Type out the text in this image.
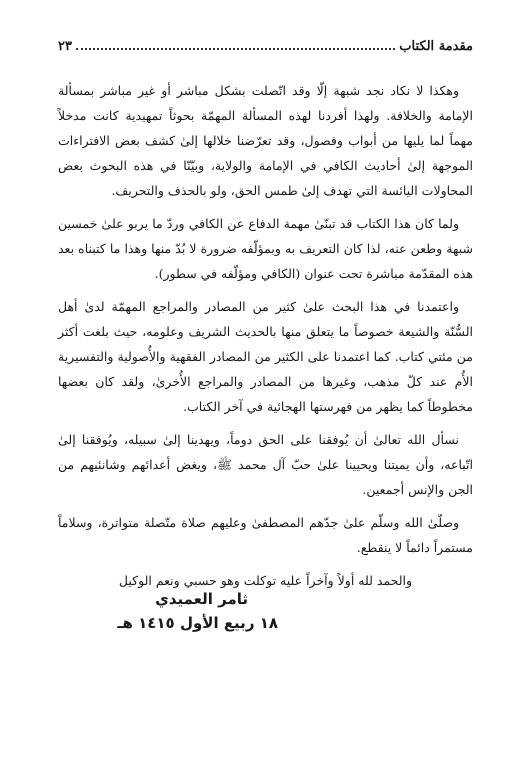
مقدمة الكتاب
٢٣

وهكذا لا نكاد نجد شبهة إلّا وقد اتّصلت بشكل مباشر أو غير مباشر بمسألة الإمامة والخلافة. ولهذا أفردنا لهذه المسألة المهمّة بحوثاً تمهيدية كانت مدخلاً مهماً لما يليها من أبواب وفصول، وقد تعرّضنا خلالها إلىٰ كشف بعض الافتراءات الموجهة إلىٰ أحاديث الكافي في الإمامة والولاية، وبيّنّا في هذه البحوث بعض المحاولات اليائسة التي تهدف إلىٰ طمس الحق، ولو بالحذف والتحريف.

ولما كان هذا الكتاب قد تبنّىٰ مهمة الدفاع عن الكافي وردّ ما يربو علىٰ خمسين شبهة وطعن عنه، لذا كان التعريف به وبمؤلّفه ضرورة لا بُدّ منها وهذا ما كتبناه بعد هذه المقدّمة مباشرة تحت عنوان (الكافي ومؤلّفه في سطور).

واعتمدنا في هذا البحث علىٰ كثير من المصادر والمراجع المهمّة لدىٰ أهل السُّنّة والشيعة خصوصاً ما يتعلق منها بالحديث الشريف وعلومه، حيث بلغت أكثر من مئتي كتاب. كما اعتمدنا على الكثير من المصادر الفقهية والأُصولية والتفسيرية الأُم عند كلّ مذهب، وغيرها من المصادر والمراجع الأُخرىٰ، ولقد كان بعضها مخطوطاً كما يظهر من فهرستها الهجائية في آخر الكتاب.

نسأل الله تعالىٰ أن يُوفقنا على الحق دوماً، ويهدينا إلىٰ سبيله، ويُوفقنا إلىٰ اتّباعه، وأن يميتنا ويحيينا علىٰ حبّ آل محمد ﷺ، ويغض أعدائهم وشانئيهم من الجن والإنس أجمعين.

وصلّىٰ الله وسلّم علىٰ جدّهم المصطفىٰ وعليهم صلاة متّصلة متواترة، وسلاماً مستمراً دائماً لا ينقطع.

والحمد لله أولاً وآخراً عليه توكلت وهو حسبي ونعم الوكيل

ثامر العميدي
١٨ ربيع الأول ١٤١٥ هـ
